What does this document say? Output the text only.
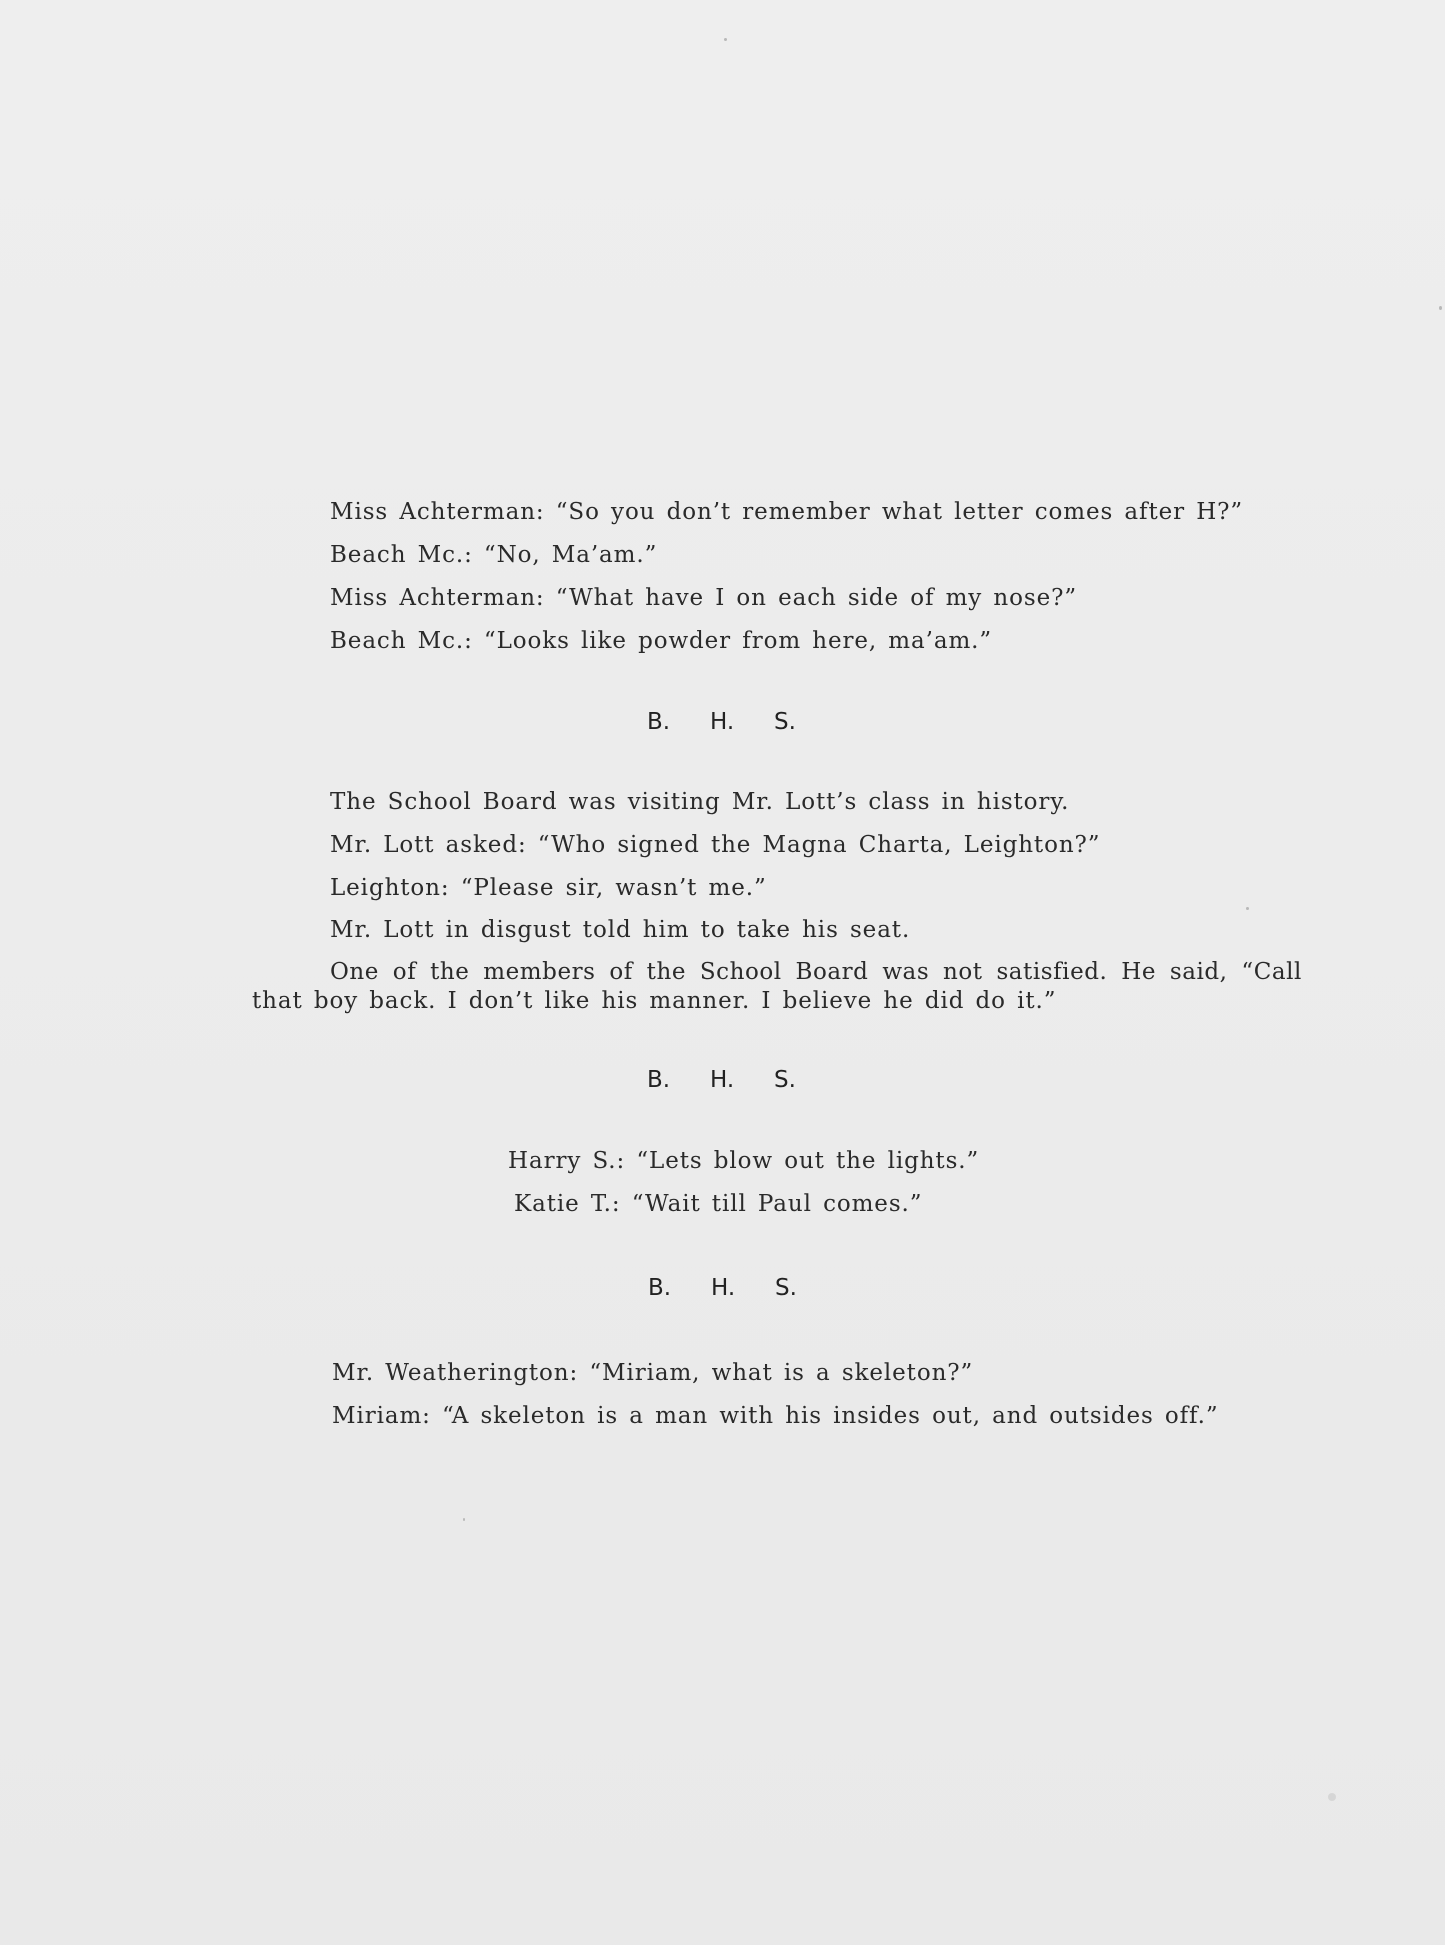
Miss Achterman: “So you don’t remember what letter comes after H?”
Beach Mc.: “No, Ma’am.”
Miss Achterman: “What have I on each side of my nose?”
Beach Mc.: “Looks like powder from here, ma’am.”
B. H. S.
The School Board was visiting Mr. Lott’s class in history.
Mr. Lott asked: “Who signed the Magna Charta, Leighton?”
Leighton: “Please sir, wasn’t me.”
Mr. Lott in disgust told him to take his seat.
One of the members of the School Board was not satisfied. He said, “Call
that boy back. I don’t like his manner. I believe he did do it.”
B. H. S.
Harry S.: “Lets blow out the lights.”
Katie T.: “Wait till Paul comes.”
B. H. S.
Mr. Weatherington: “Miriam, what is a skeleton?”
Miriam: “A skeleton is a man with his insides out, and outsides off.”
